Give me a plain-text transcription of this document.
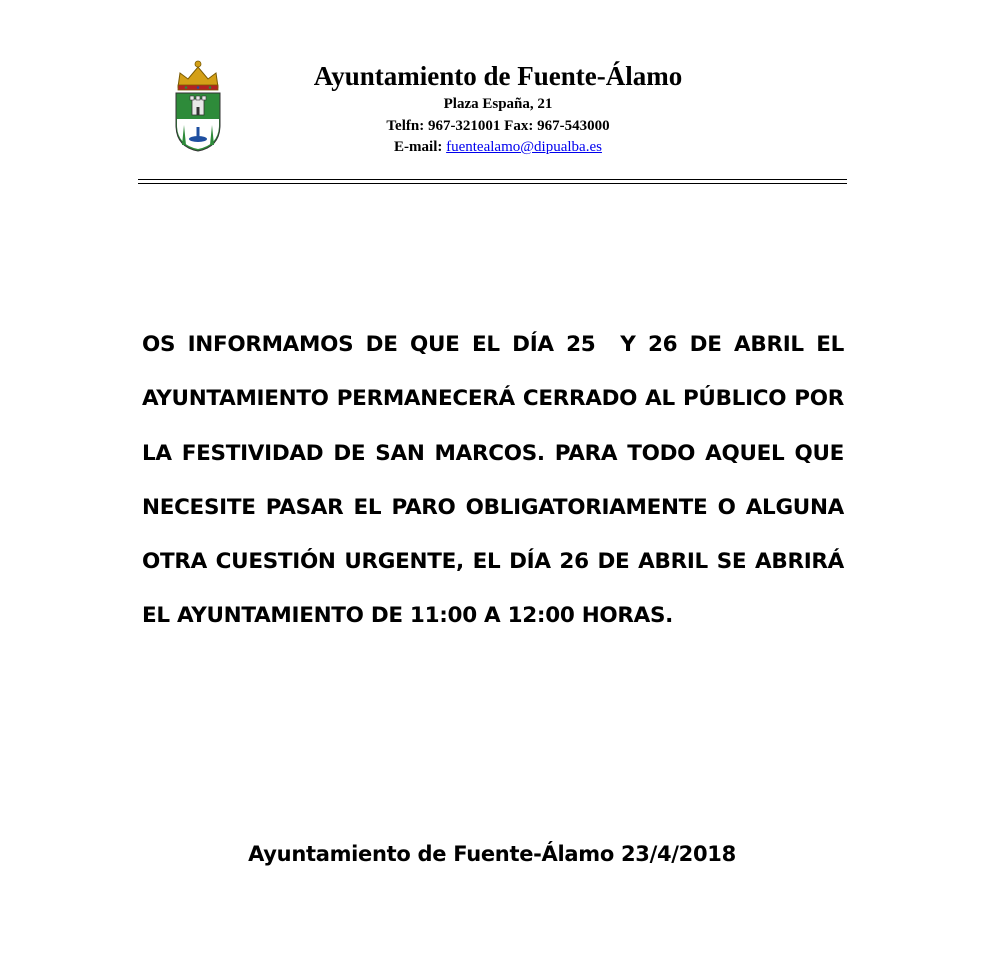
Ayuntamiento de Fuente-Álamo
Plaza España, 21
Telfn: 967-321001 Fax: 967-543000
E-mail: fuentealamo@dipualba.es

OS INFORMAMOS DE QUE EL DÍA 25  Y 26 DE ABRIL EL AYUNTAMIENTO PERMANECERÁ CERRADO AL PÚBLICO POR LA FESTIVIDAD DE SAN MARCOS. PARA TODO AQUEL QUE NECESITE PASAR EL PARO OBLIGATORIAMENTE O ALGUNA OTRA CUESTIÓN URGENTE, EL DÍA 26 DE ABRIL SE ABRIRÁ EL AYUNTAMIENTO DE 11:00 A 12:00 HORAS.

Ayuntamiento de Fuente-Álamo 23/4/2018
